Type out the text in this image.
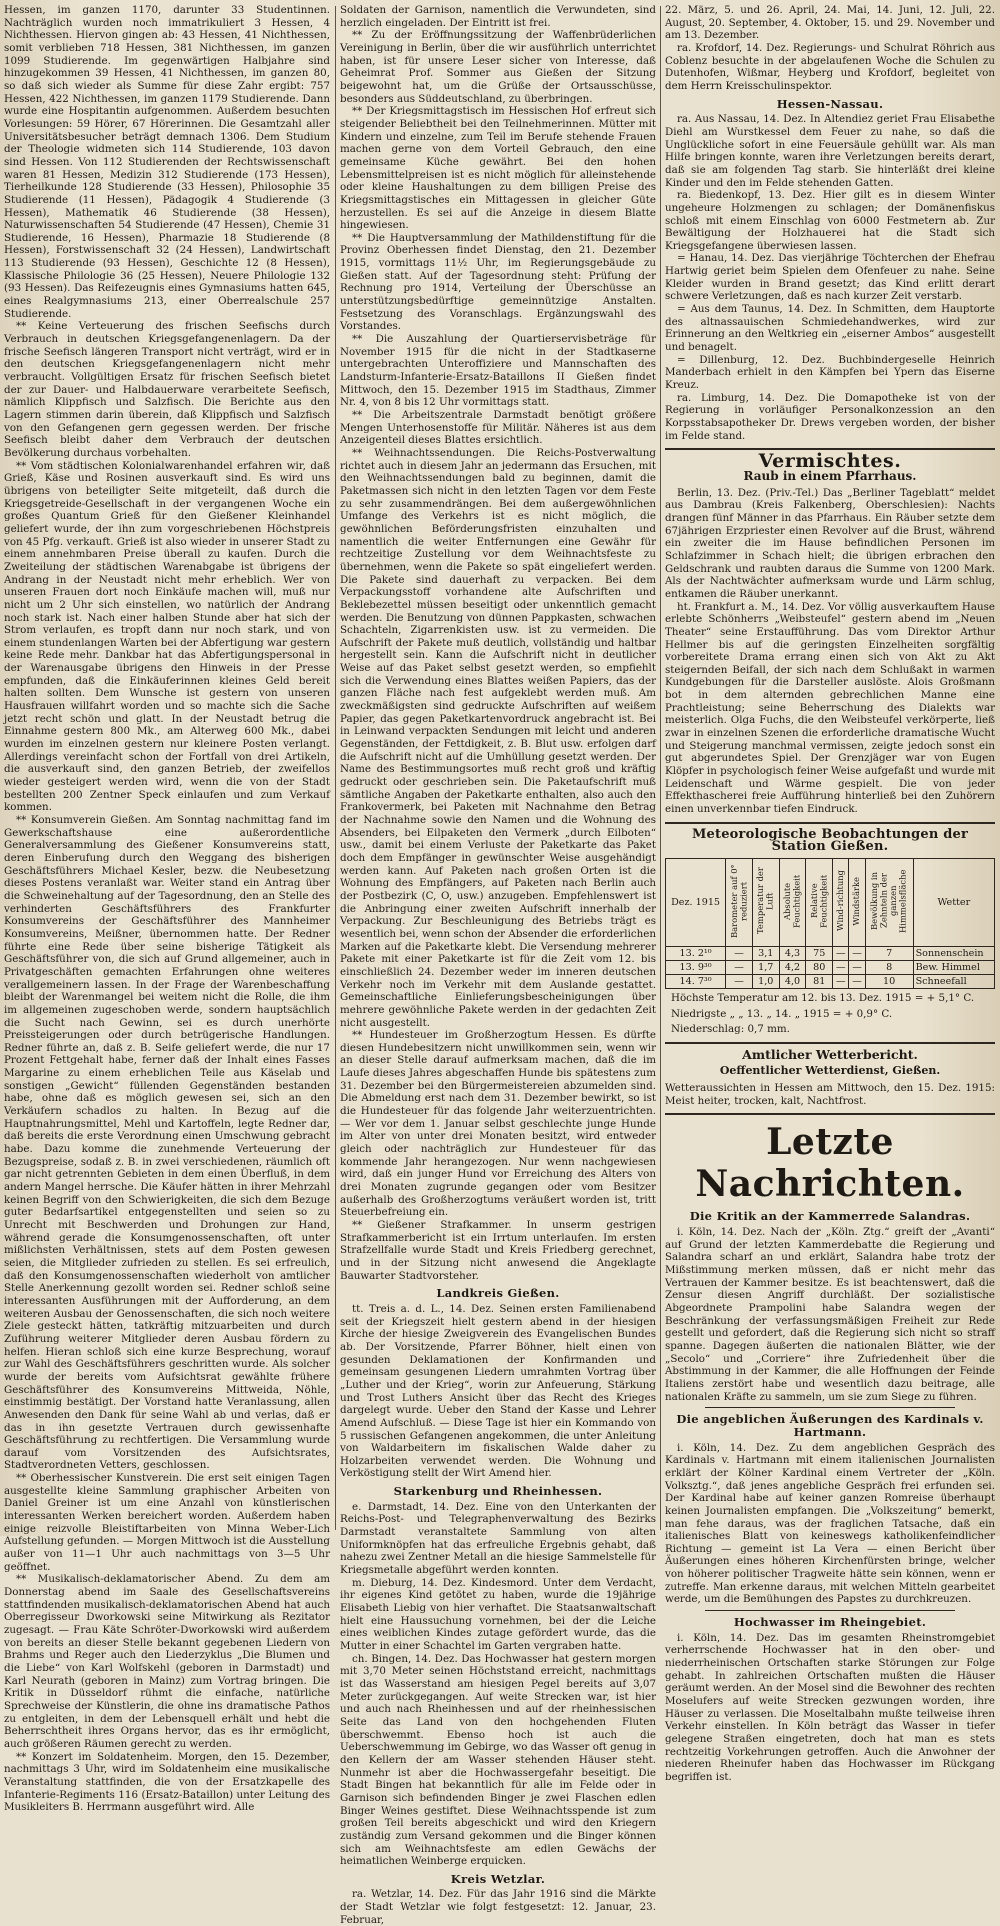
Hessen, im ganzen 1170, darunter 33 Studentinnen. Nachträglich wurden noch immatrikuliert 3 Hessen, 4 Nichthessen. Hiervon gingen ab: 43 Hessen, 41 Nichthessen, somit verblieben 718 Hessen, 381 Nichthessen, im ganzen 1099 Studierende. Im gegenwärtigen Halbjahre sind hinzugekommen 39 Hessen, 41 Nichthessen, im ganzen 80, so daß sich wieder als Summe für diese Zahr ergibt: 757 Hessen, 422 Nichthessen, im ganzen 1179 Studierende. Dann wurde eine Hospitantin aufgenommen. Außerdem besuchten Vorlesungen: 59 Hörer, 67 Hörerinnen. Die Gesamtzahl aller Universitätsbesucher beträgt demnach 1306. Dem Studium der Theologie widmeten sich 114 Studierende, 103 davon sind Hessen. Von 112 Studierenden der Rechtswissenschaft waren 81 Hessen, Medizin 312 Studierende (173 Hessen), Tierheilkunde 128 Studierende (33 Hessen), Philosophie 35 Studierende (11 Hessen), Pädagogik 4 Studierende (3 Hessen), Mathematik 46 Studierende (38 Hessen), Naturwissenschaften 54 Studierende (47 Hessen), Chemie 31 Studierende, 16 Hessen), Pharmazie 18 Studierende (8 Hessen), Forstwissenschaft 32 (24 Hessen), Landwirtschaft 113 Studierende (93 Hessen), Geschichte 12 (8 Hessen), Klassische Philologie 36 (25 Hessen), Neuere Philologie 132 (93 Hessen). Das Reifezeugnis eines Gymnasiums hatten 645, eines Realgymnasiums 213, einer Oberrealschule 257 Studierende.

** Keine Verteuerung des frischen Seefischs durch Verbrauch in deutschen Kriegsgefangenenlagern. Da der frische Seefisch längeren Transport nicht verträgt, wird er in den deutschen Kriegsgefangenenlagern nicht mehr verbraucht. Vollgültigen Ersatz für frischen Seefisch bietet der zur Dauer- und Halbdauerware verarbeitete Seefisch, nämlich Klippfisch und Salzfisch. Die Berichte aus den Lagern stimmen darin überein, daß Klippfisch und Salzfisch von den Gefangenen gern gegessen werden. Der frische Seefisch bleibt daher dem Verbrauch der deutschen Bevölkerung durchaus vorbehalten.

** Vom städtischen Kolonialwarenhandel erfahren wir, daß Grieß, Käse und Rosinen ausverkauft sind. Es wird uns übrigens von beteiligter Seite mitgeteilt, daß durch die Kriegsgetreide-Gesellschaft in der vergangenen Woche ein großes Quantum Grieß für den Gießener Kleinhandel geliefert wurde, der ihn zum vorgeschriebenen Höchstpreis von 45 Pfg. verkauft. Grieß ist also wieder in unserer Stadt zu einem annehmbaren Preise überall zu kaufen. Durch die Zweiteilung der städtischen Warenabgabe ist übrigens der Andrang in der Neustadt nicht mehr erheblich. Wer von unseren Frauen dort noch Einkäufe machen will, muß nur nicht um 2 Uhr sich einstellen, wo natürlich der Andrang noch stark ist. Nach einer halben Stunde aber hat sich der Strom verlaufen, es tropft dann nur noch stark, und von einem stundenlangen Warten bei der Abfertigung war gestern keine Rede mehr. Dankbar hat das Abfertigungspersonal in der Warenausgabe übrigens den Hinweis in der Presse empfunden, daß die Einkäuferinnen kleines Geld bereit halten sollten. Dem Wunsche ist gestern von unseren Hausfrauen willfahrt worden und so machte sich die Sache jetzt recht schön und glatt. In der Neustadt betrug die Einnahme gestern 800 Mk., am Alterweg 600 Mk., dabei wurden im einzelnen gestern nur kleinere Posten verlangt. Allerdings vereinfacht schon der Fortfall von drei Artikeln, die ausverkauft sind, den ganzen Betrieb, der zweifellos wieder gesteigert werden wird, wenn die von der Stadt bestellten 200 Zentner Speck einlaufen und zum Verkauf kommen.

** Konsumverein Gießen. Am Sonntag nachmittag fand im Gewerkschaftshause eine außerordentliche Generalversammlung des Gießener Konsumvereins statt, deren Einberufung durch den Weggang des bisherigen Geschäftsführers Michael Kesler, bezw. die Neubesetzung dieses Postens veranlaßt war. Weiter stand ein Antrag über die Schweinehaltung auf der Tagesordnung, den an Stelle des verhinderten Geschäftsführers des Frankfurter Konsumvereins der Geschäftsführer des Mannheimer Konsumvereins, Meißner, übernommen hatte. Der Redner führte eine Rede über seine bisherige Tätigkeit als Geschäftsführer von, die sich auf Grund allgemeiner, auch in Privatgeschäften gemachten Erfahrungen ohne weiteres verallgemeinern lassen. In der Frage der Warenbeschaffung bleibt der Warenmangel bei weitem nicht die Rolle, die ihm im allgemeinen zugeschoben werde, sondern hauptsächlich die Sucht nach Gewinn, sei es durch unerhörte Preissteigerungen oder durch betrügerische Handlungen. Redner führte an, daß z. B. Seife geliefert werde, die nur 17 Prozent Fettgehalt habe, ferner daß der Inhalt eines Fasses Margarine zu einem erheblichen Teile aus Käselab und sonstigen „Gewicht“ füllenden Gegenständen bestanden habe, ohne daß es möglich gewesen sei, sich an den Verkäufern schadlos zu halten. In Bezug auf die Hauptnahrungsmittel, Mehl und Kartoffeln, legte Redner dar, daß bereits die erste Verordnung einen Umschwung gebracht habe. Dazu komme die zunehmende Verteuerung der Bezugspreise, sodaß z. B. in zwei verschiedenen, räumlich oft gar nicht getrennten Gebieten in dem einen Überfluß, in dem andern Mangel herrsche. Die Käufer hätten in ihrer Mehrzahl keinen Begriff von den Schwierigkeiten, die sich dem Bezuge guter Bedarfsartikel entgegenstellten und seien so zu Unrecht mit Beschwerden und Drohungen zur Hand, während gerade die Konsumgenossenschaften, oft unter mißlichsten Verhältnissen, stets auf dem Posten gewesen seien, die Mitglieder zufrieden zu stellen. Es sei erfreulich, daß den Konsumgenossenschaften wiederholt von amtlicher Stelle Anerkennung gezollt worden sei. Redner schloß seine interessanten Ausführungen mit der Aufforderung, an dem weiteren Ausbau der Genossenschaften, die sich noch weitere Ziele gesteckt hätten, tatkräftig mitzuarbeiten und durch Zuführung weiterer Mitglieder deren Ausbau fördern zu helfen. Hieran schloß sich eine kurze Besprechung, worauf zur Wahl des Geschäftsführers geschritten wurde. Als solcher wurde der bereits vom Aufsichtsrat gewählte frühere Geschäftsführer des Konsumvereins Mittweida, Nöhle, einstimmig bestätigt. Der Vorstand hatte Veranlassung, allen Anwesenden den Dank für seine Wahl ab und verlas, daß er das in ihn gesetzte Vertrauen durch gewissenhafte Geschäftsführung zu rechtfertigen. Die Versammlung wurde darauf vom Vorsitzenden des Aufsichtsrates, Stadtverordneten Vetters, geschlossen.

** Oberhessischer Kunstverein. Die erst seit einigen Tagen ausgestellte kleine Sammlung graphischer Arbeiten von Daniel Greiner ist um eine Anzahl von künstlerischen interessanten Werken bereichert worden. Außerdem haben einige reizvolle Bleistiftarbeiten von Minna Weber-Lich Aufstellung gefunden. — Morgen Mittwoch ist die Ausstellung außer von 11—1 Uhr auch nachmittags von 3—5 Uhr geöffnet.

** Musikalisch-deklamatorischer Abend. Zu dem am Donnerstag abend im Saale des Gesellschaftsvereins stattfindenden musikalisch-deklamatorischen Abend hat auch Oberregisseur Dworkowski seine Mitwirkung als Rezitator zugesagt. — Frau Käte Schröter-Dworkowski wird außerdem von bereits an dieser Stelle bekannt gegebenen Liedern von Brahms und Reger auch den Liederzyklus „Die Blumen und die Liebe“ von Karl Wolfskehl (geboren in Darmstadt) und Karl Neurath (geboren in Mainz) zum Vortrag bringen. Die Kritik in Düsseldorf rühmt die einfache, natürliche Sprechweise der Künstlerin, die ohne ins dramatische Pathos zu entgleiten, in dem der Lebensquell erhält und hebt die Beherrschtheit ihres Organs hervor, das es ihr ermöglicht, auch größeren Räumen gerecht zu werden.

** Konzert im Soldatenheim. Morgen, den 15. Dezember, nachmittags 3 Uhr, wird im Soldatenheim eine musikalische Veranstaltung stattfinden, die von der Ersatzkapelle des Infanterie-Regiments 116 (Ersatz-Bataillon) unter Leitung des Musikleiters B. Herrmann ausgeführt wird. Alle

Soldaten der Garnison, namentlich die Verwundeten, sind herzlich eingeladen. Der Eintritt ist frei.

** Zu der Eröffnungssitzung der Waffenbrüderlichen Vereinigung in Berlin, über die wir ausführlich unterrichtet haben, ist für unsere Leser sicher von Interesse, daß Geheimrat Prof. Sommer aus Gießen der Sitzung beigewohnt hat, um die Grüße der Ortsausschüsse, besonders aus Süddeutschland, zu überbringen.

** Der Kriegsmittagstisch im Hessischen Hof erfreut sich steigender Beliebtheit bei den Teilnehmerinnen. Mütter mit Kindern und einzelne, zum Teil im Berufe stehende Frauen machen gerne von dem Vorteil Gebrauch, den eine gemeinsame Küche gewährt. Bei den hohen Lebensmittelpreisen ist es nicht möglich für alleinstehende oder kleine Haushaltungen zu dem billigen Preise des Kriegsmittagstisches ein Mittagessen in gleicher Güte herzustellen. Es sei auf die Anzeige in diesem Blatte hingewiesen.

** Die Hauptversammlung der Mathildenstiftung für die Provinz Oberhessen findet Dienstag, den 21. Dezember 1915, vormittags 11½ Uhr, im Regierungsgebäude zu Gießen statt. Auf der Tagesordnung steht: Prüfung der Rechnung pro 1914, Verteilung der Überschüsse an unterstützungsbedürftige gemeinnützige Anstalten. Festsetzung des Voranschlags. Ergänzungswahl des Vorstandes.

** Die Auszahlung der Quartierservisbeträge für November 1915 für die nicht in der Stadtkaserne untergebrachten Unteroffiziere und Mannschaften des Landsturm-Infanterie-Ersatz-Bataillons II Gießen findet Mittwoch, den 15. Dezember 1915 im Stadthaus, Zimmer Nr. 4, von 8 bis 12 Uhr vormittags statt.

** Die Arbeitszentrale Darmstadt benötigt größere Mengen Unterhosenstoffe für Militär. Näheres ist aus dem Anzeigenteil dieses Blattes ersichtlich.

** Weihnachtssendungen. Die Reichs-Postverwaltung richtet auch in diesem Jahr an jedermann das Ersuchen, mit den Weihnachtssendungen bald zu beginnen, damit die Paketmassen sich nicht in den letzten Tagen vor dem Feste zu sehr zusammendrängen. Bei dem außergewöhnlichen Umfange des Verkehrs ist es nicht möglich, die gewöhnlichen Beförderungsfristen einzuhalten und namentlich die weiter Entfernungen eine Gewähr für rechtzeitige Zustellung vor dem Weihnachtsfeste zu übernehmen, wenn die Pakete so spät eingeliefert werden. Die Pakete sind dauerhaft zu verpacken. Bei dem Verpackungsstoff vorhandene alte Aufschriften und Beklebezettel müssen beseitigt oder unkenntlich gemacht werden. Die Benutzung von dünnen Pappkasten, schwachen Schachteln, Zigarrenkisten usw. ist zu vermeiden. Die Aufschrift der Pakete muß deutlich, vollständig und haltbar hergestellt sein. Kann die Aufschrift nicht in deutlicher Weise auf das Paket selbst gesetzt werden, so empfiehlt sich die Verwendung eines Blattes weißen Papiers, das der ganzen Fläche nach fest aufgeklebt werden muß. Am zweckmäßigsten sind gedruckte Aufschriften auf weißem Papier, das gegen Paketkartenvordruck angebracht ist. Bei in Leinwand verpackten Sendungen mit leicht und anderen Gegenständen, der Fettdigkeit, z. B. Blut usw. erfolgen darf die Aufschrift nicht auf die Umhüllung gesetzt werden. Der Name des Bestimmungsortes muß recht groß und kräftig gedruckt oder geschrieben sein. Die Paketaufschrift muß sämtliche Angaben der Paketkarte enthalten, also auch den Frankovermerk, bei Paketen mit Nachnahme den Betrag der Nachnahme sowie den Namen und die Wohnung des Absenders, bei Eilpaketen den Vermerk „durch Eilboten“ usw., damit bei einem Verluste der Paketkarte das Paket doch dem Empfänger in gewünschter Weise ausgehändigt werden kann. Auf Paketen nach großen Orten ist die Wohnung des Empfängers, auf Paketen nach Berlin auch der Postbezirk (C, O, usw.) anzugeben. Empfehlenswert ist die Anbringung einer zweiten Aufschrift innerhalb der Verpackung. Zur Beschleunigung des Betriebs trägt es wesentlich bei, wenn schon der Absender die erforderlichen Marken auf die Paketkarte klebt. Die Versendung mehrerer Pakete mit einer Paketkarte ist für die Zeit vom 12. bis einschließlich 24. Dezember weder im inneren deutschen Verkehr noch im Verkehr mit dem Auslande gestattet. Gemeinschaftliche Einlieferungsbescheinigungen über mehrere gewöhnliche Pakete werden in der gedachten Zeit nicht ausgestellt.

** Hundesteuer im Großherzogtum Hessen. Es dürfte diesen Hundebesitzern nicht unwillkommen sein, wenn wir an dieser Stelle darauf aufmerksam machen, daß die im Laufe dieses Jahres abgeschaffen Hunde bis spätestens zum 31. Dezember bei den Bürgermeistereien abzumelden sind. Die Abmeldung erst nach dem 31. Dezember bewirkt, so ist die Hundesteuer für das folgende Jahr weiterzuentrichten. — Wer vor dem 1. Januar selbst geschlechte junge Hunde im Alter von unter drei Monaten besitzt, wird entweder gleich oder nachträglich zur Hundesteuer für das kommende Jahr herangezogen. Nur wenn nachgewiesen wird, daß ein junger Hund vor Erreichung des Alters von drei Monaten zugrunde gegangen oder vom Besitzer außerhalb des Großherzogtums veräußert worden ist, tritt Steuerbefreiung ein.

** Gießener Strafkammer. In unserm gestrigen Strafkammerbericht ist ein Irrtum unterlaufen. Im ersten Strafzellfalle wurde Stadt und Kreis Friedberg gerechnet, und in der Sitzung nicht anwesend die Angeklagte Bauwarter Stadtvorsteher.

Landkreis Gießen.

tt. Treis a. d. L., 14. Dez. Seinen ersten Familienabend seit der Kriegszeit hielt gestern abend in der hiesigen Kirche der hiesige Zweigverein des Evangelischen Bundes ab. Der Vorsitzende, Pfarrer Böhner, hielt einen von gesunden Deklamationen der Konfirmanden und gemeinsam gesungenen Liedern umrahmten Vortrag über „Luther und der Krieg“, worin zur Anfeuerung, Stärkung und Trost Luthers Ansicht über das Recht des Krieges dargelegt wurde. Ueber den Stand der Kasse und Lehrer Amend Aufschluß. — Diese Tage ist hier ein Kommando von 5 russischen Gefangenen angekommen, die unter Anleitung von Waldarbeitern im fiskalischen Walde daher zu Holzarbeiten verwendet werden. Die Wohnung und Verköstigung stellt der Wirt Amend hier.

Starkenburg und Rheinhessen.

e. Darmstadt, 14. Dez. Eine von den Unterkanten der Reichs-Post- und Telegraphenverwaltung des Bezirks Darmstadt veranstaltete Sammlung von alten Uniformknöpfen hat das erfreuliche Ergebnis gehabt, daß nahezu zwei Zentner Metall an die hiesige Sammelstelle für Kriegsmetalle abgeführt werden konnten.

m. Dieburg, 14. Dez. Kindesmord. Unter dem Verdacht, ihr eigenes Kind getötet zu haben, wurde die 19jährige Elisabeth Liebig von hier verhaftet. Die Staatsanwaltschaft hielt eine Haussuchung vornehmen, bei der die Leiche eines weiblichen Kindes zutage gefördert wurde, das die Mutter in einer Schachtel im Garten vergraben hatte.

ch. Bingen, 14. Dez. Das Hochwasser hat gestern morgen mit 3,70 Meter seinen Höchststand erreicht, nachmittags ist das Wasserstand am hiesigen Pegel bereits auf 3,07 Meter zurückgegangen. Auf weite Strecken war, ist hier und auch nach Rheinhessen und auf der rheinhessischen Seite das Land von den hochgehenden Fluten überschwemmt. Ebenso hoch ist auch die Ueberschwemmung im Gebirge, wo das Wasser oft genug in den Kellern der am Wasser stehenden Häuser steht. Nunmehr ist aber die Hochwassergefahr beseitigt. Die Stadt Bingen hat bekanntlich für alle im Felde oder in Garnison sich befindenden Binger je zwei Flaschen edlen Binger Weines gestiftet. Diese Weihnachtsspende ist zum großen Teil bereits abgeschickt und wird den Kriegern zuständig zum Versand gekommen und die Binger können sich am Weihnachtsfeste am edlen Gewächs der heimatlichen Weinberge erquicken.

Kreis Wetzlar.

ra. Wetzlar, 14. Dez. Für das Jahr 1916 sind die Märkte der Stadt Wetzlar wie folgt festgesetzt: 12. Januar, 23. Februar,

22. März, 5. und 26. April, 24. Mai, 14. Juni, 12. Juli, 22. August, 20. September, 4. Oktober, 15. und 29. November und am 13. Dezember.

ra. Krofdorf, 14. Dez. Regierungs- und Schulrat Röhrich aus Coblenz besuchte in der abgelaufenen Woche die Schulen zu Dutenhofen, Wißmar, Heyberg und Krofdorf, begleitet von dem Herrn Kreisschulinspektor.

Hessen-Nassau.

ra. Aus Nassau, 14. Dez. In Altendiez geriet Frau Elisabethe Diehl am Wurstkessel dem Feuer zu nahe, so daß die Unglückliche sofort in eine Feuersäule gehüllt war. Als man Hilfe bringen konnte, waren ihre Verletzungen bereits derart, daß sie am folgenden Tag starb. Sie hinterläßt drei kleine Kinder und den im Felde stehenden Gatten.

ra. Biedenkopf, 13. Dez. Hier gilt es in diesem Winter ungeheure Holzmengen zu schlagen; der Domänenfiskus schloß mit einem Einschlag von 6000 Festmetern ab. Zur Bewältigung der Holzhauerei hat die Stadt sich Kriegsgefangene überwiesen lassen.

= Hanau, 14. Dez. Das vierjährige Töchterchen der Ehefrau Hartwig geriet beim Spielen dem Ofenfeuer zu nahe. Seine Kleider wurden in Brand gesetzt; das Kind erlitt derart schwere Verletzungen, daß es nach kurzer Zeit verstarb.

= Aus dem Taunus, 14. Dez. In Schmitten, dem Hauptorte des altnassauischen Schmiedehandwerkes, wird zur Erinnerung an den Weltkrieg ein „eiserner Ambos“ ausgestellt und benagelt.

= Dillenburg, 12. Dez. Buchbindergeselle Heinrich Manderbach erhielt in den Kämpfen bei Ypern das Eiserne Kreuz.

ra. Limburg, 14. Dez. Die Domapotheke ist von der Regierung in vorläufiger Personalkonzession an den Korpsstabsapotheker Dr. Drews vergeben worden, der bisher im Felde stand.

Vermischtes.
Raub in einem Pfarrhaus.

Berlin, 13. Dez. (Priv.-Tel.) Das „Berliner Tageblatt“ meldet aus Dambrau (Kreis Falkenberg, Oberschlesien): Nachts drangen fünf Männer in das Pfarrhaus. Ein Räuber setzte dem 67jährigen Erzpriester einen Revolver auf die Brust, während ein zweiter die im Hause befindlichen Personen im Schlafzimmer in Schach hielt; die übrigen erbrachen den Geldschrank und raubten daraus die Summe von 1200 Mark. Als der Nachtwächter aufmerksam wurde und Lärm schlug, entkamen die Räuber unerkannt.

ht. Frankfurt a. M., 14. Dez. Vor völlig ausverkauftem Hause erlebte Schönherrs „Weibsteufel“ gestern abend im „Neuen Theater“ seine Erstaufführung. Das vom Direktor Arthur Hellmer bis auf die geringsten Einzelheiten sorgfältig vorbereitete Drama errang einen sich von Akt zu Akt steigernden Beifall, der sich nach dem Schlußakt in warmen Kundgebungen für die Darsteller auslöste. Alois Großmann bot in dem alternden gebrechlichen Manne eine Prachtleistung; seine Beherrschung des Dialekts war meisterlich. Olga Fuchs, die den Weibsteufel verkörperte, ließ zwar in einzelnen Szenen die erforderliche dramatische Wucht und Steigerung manchmal vermissen, zeigte jedoch sonst ein gut abgerundetes Spiel. Der Grenzjäger war von Eugen Klöpfer in psychologisch feiner Weise aufgefaßt und wurde mit Leidenschaft und Wärme gespielt. Die von jeder Effekthascherei freie Aufführung hinterließ bei den Zuhörern einen unverkennbar tiefen Eindruck.

Meteorologische Beobachtungen der Station Gießen.
Dez. 1915	Barometer auf 0° reduziert	Temperatur der Luft	Absolute Feuchtigkeit	Relative Feuchtigkeit	Wind-richtung	Windstärke	Bewölkung in Zehnteln der ganzen Himmelsfläche	Wetter
13. 2¹⁰	—	3,1	4,3	75	—	—	7	Sonnenschein
13. 9³⁰	—	1,7	4,2	80	—	—	8	Bew. Himmel
14. 7³⁰	—	1,0	4,0	81	—	—	10	Schneefall
Höchste Temperatur am 12. bis 13. Dez. 1915 = + 5,1° C.
Niedrigste „ „ 13. „ 14. „ 1915 = + 0,9° C.
Niederschlag: 0,7 mm.
Amtlicher Wetterbericht.
Oeffentlicher Wetterdienst, Gießen.

Wetteraussichten in Hessen am Mittwoch, den 15. Dez. 1915: Meist heiter, trocken, kalt, Nachtfrost.

Letzte Nachrichten.
Die Kritik an der Kammerrede Salandras.

i. Köln, 14. Dez. Nach der „Köln. Ztg.“ greift der „Avanti“ auf Grund der letzten Kammerdebatte die Regierung und Salandra scharf an und erklärt, Salandra habe trotz der Mißstimmung merken müssen, daß er nicht mehr das Vertrauen der Kammer besitze. Es ist beachtenswert, daß die Zensur diesen Angriff durchläßt. Der sozialistische Abgeordnete Prampolini habe Salandra wegen der Beschränkung der verfassungsmäßigen Freiheit zur Rede gestellt und gefordert, daß die Regierung sich nicht so straff spanne. Dagegen äußerten die nationalen Blätter, wie der „Secolo“ und „Corriere“ ihre Zufriedenheit über die Abstimmung in der Kammer, die alle Hoffnungen der Feinde Italiens zerstört habe und wesentlich dazu beitrage, alle nationalen Kräfte zu sammeln, um sie zum Siege zu führen.

Die angeblichen Äußerungen des Kardinals v. Hartmann.

i. Köln, 14. Dez. Zu dem angeblichen Gespräch des Kardinals v. Hartmann mit einem italienischen Journalisten erklärt der Kölner Kardinal einem Vertreter der „Köln. Volksztg.“, daß jenes angebliche Gespräch frei erfunden sei. Der Kardinal habe auf keiner ganzen Romreise überhaupt keinen Journalisten empfangen. Die „Volkszeitung“ bemerkt, man fehe daraus, was der fraglichen Tatsache, daß ein italienisches Blatt von keineswegs katholikenfeindlicher Richtung — gemeint ist La Vera — einen Bericht über Äußerungen eines höheren Kirchenfürsten bringe, welcher von höherer politischer Tragweite hätte sein können, wenn er zutreffe. Man erkenne daraus, mit welchen Mitteln gearbeitet werde, um die Bemühungen des Papstes zu durchkreuzen.

Hochwasser im Rheingebiet.

i. Köln, 14. Dez. Das im gesamten Rheinstromgebiet verherrschende Hochwasser hat in den ober- und niederrheinischen Ortschaften starke Störungen zur Folge gehabt. In zahlreichen Ortschaften mußten die Häuser geräumt werden. An der Mosel sind die Bewohner des rechten Moselufers auf weite Strecken gezwungen worden, ihre Häuser zu verlassen. Die Moseltalbahn mußte teilweise ihren Verkehr einstellen. In Köln beträgt das Wasser in tiefer gelegene Straßen eingetreten, doch hat man es stets rechtzeitig Vorkehrungen getroffen. Auch die Anwohner der niederen Rheinufer haben das Hochwasser im Rückgang begriffen ist.
